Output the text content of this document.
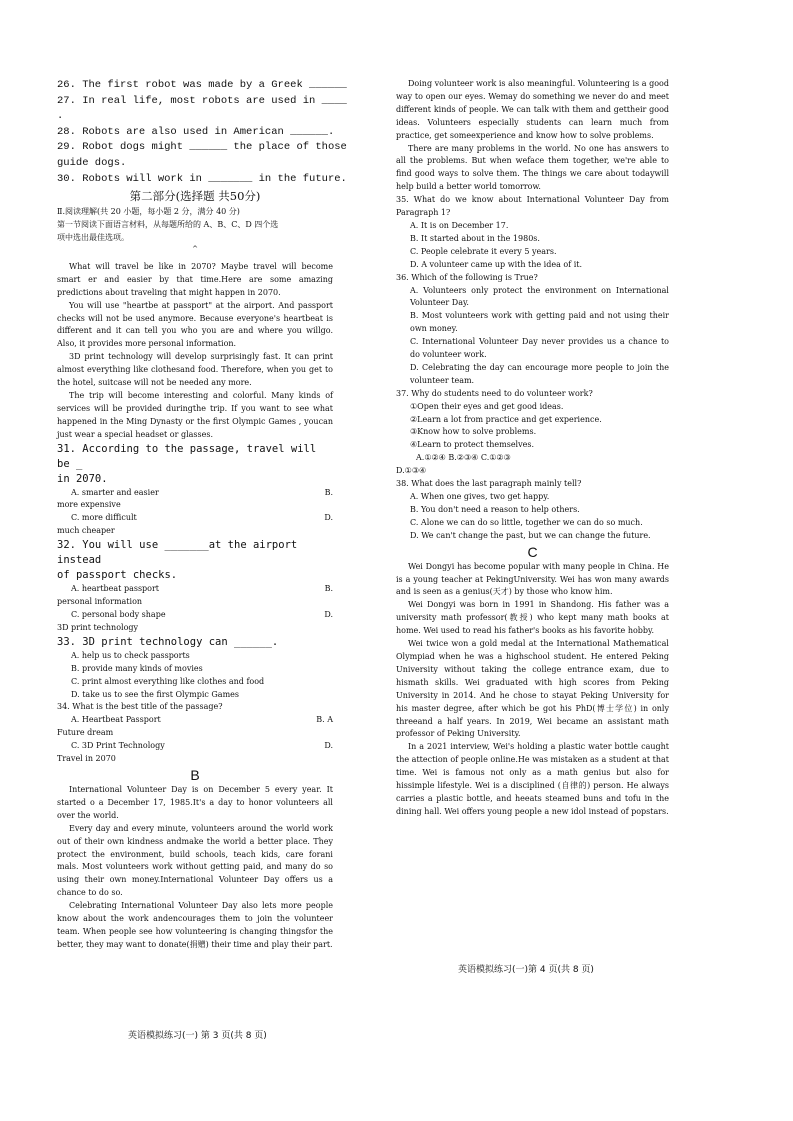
26. The first robot was made by a Greek ______
27. In real life, most robots are used in ____
.
28. Robots are also used in American ______.
29. Robot dogs might ______ the place of those
guide dogs.
30. Robots will work in _______ in the future.
第二部分(选择题 共50分)
Ⅱ.阅读理解(共 20 小题，每小题 2 分，满分 40 分)
第一节阅读下面语言材料，从每题所给的 A、B、C、D 四个选
项中选出最佳选项。
^
What will travel be like in 2070? Maybe travel will become smart er and easier by that time.Here are some amazing predictions about traveling that might happen in 2070.
You will use "heartbe at passport" at the airport. And passport checks will not be used anymore. Because everyone's heartbeat is different and it can tell you who you are and where you willgo. Also, it provides more personal information.
3D print technology will develop surprisingly fast. It can print almost everything like clothesand food. Therefore, when you get to the hotel, suitcase will not be needed any more.
The trip will become interesting and colorful. Many kinds of services will be provided duringthe trip. If you want to see what happened in the Ming Dynasty or the first Olympic Games , youcan just wear a special headset or glasses.
31. According to the passage, travel will be _
in 2070.
A. smarter and easier	B.
more expensive
C. more difficult	D.
much cheaper
32. You will use _______at the airport instead
of passport checks.
A. heartbeat passport	B.
personal information
C. personal body shape	D.
3D print technology
33. 3D print technology can ______.
A. help us to check passports
B. provide many kinds of movies
C. print almost everything like clothes and food
D. take us to see the first Olympic Games
34. What is the best title of the passage?
A. Heartbeat Passport	B. A
Future dream
C. 3D Print Technology	D.
Travel in 2070
B
International Volunteer Day is on December 5 every year. It started o a December 17, 1985.It's a day to honor volunteers all over the world.
Every day and every minute, volunteers around the world work out of their own kindness andmake the world a better place. They protect the environment, build schools, teach kids, care forani mals. Most volunteers work without getting paid, and many do so using their own money.International Volunteer Day offers us a chance to do so.
Celebrating International Volunteer Day also lets more people know about the work andencourages them to join the volunteer team. When people see how volunteering is changing thingsfor the better, they may want to donate(捐赠) their time and play their part.
英语模拟练习(一) 第 3 页(共 8 页)
Doing volunteer work is also meaningful. Volunteering is a good way to open our eyes. Wemay do something we never do and meet different kinds of people. We can talk with them and gettheir good ideas. Volunteers especially students can learn much from practice, get someexperience and know how to solve problems.
There are many problems in the world. No one has answers to all the problems. But when weface them together, we're able to find good ways to solve them. The things we care about todaywill help build a better world tomorrow.
35. What do we know about International Volunteer Day from Paragraph 1?
A. It is on December 17.
B. It started about in the 1980s.
C. People celebrate it every 5 years.
D. A volunteer came up with the idea of it.
36. Which of the following is True?
A. Volunteers only protect the environment on International Volunteer Day.
B. Most volunteers work with getting paid and not using their own money.
C. International Volunteer Day never provides us a chance to do volunteer work.
D. Celebrating the day can encourage more people to join the volunteer team.
37. Why do students need to do volunteer work?
①Open their eyes and get good ideas.
②Learn a lot from practice and get experience.
③Know how to solve problems.
④Learn to protect themselves.
A.①②④ B.②③④ C.①②③
D.①③④
38. What does the last paragraph mainly tell?
A. When one gives, two get happy.
B. You don't need a reason to help others.
C. Alone we can do so little, together we can do so much.
D. We can't change the past, but we can change the future.
C
Wei Dongyi has become popular with many people in China. He is a young teacher at PekingUniversity. Wei has won many awards and is seen as a genius(天才) by those who know him.
Wei Dongyi was born in 1991 in Shandong. His father was a university math professor(教授) who kept many math books at home. Wei used to read his father's books as his favorite hobby.
Wei twice won a gold medal at the International Mathematical Olympiad when he was a highschool student. He entered Peking University without taking the college entrance exam, due to hismath skills. Wei graduated with high scores from Peking University in 2014. And he chose to stayat Peking University for his master degree, after which be got his PhD(博士学位) in only threeand a half years. In 2019, Wei became an assistant math professor of Peking University.
In a 2021 interview, Wei's holding a plastic water bottle caught the attection of people online.He was mistaken as a student at that time. Wei is famous not only as a math genius but also for hissimple lifestyle. Wei is a disciplined (自律的) person. He always carries a plastic bottle, and heeats steamed buns and tofu in the dining hall. Wei offers young people a new idol instead of popstars.
英语模拟练习(一)第 4 页(共 8 页)
